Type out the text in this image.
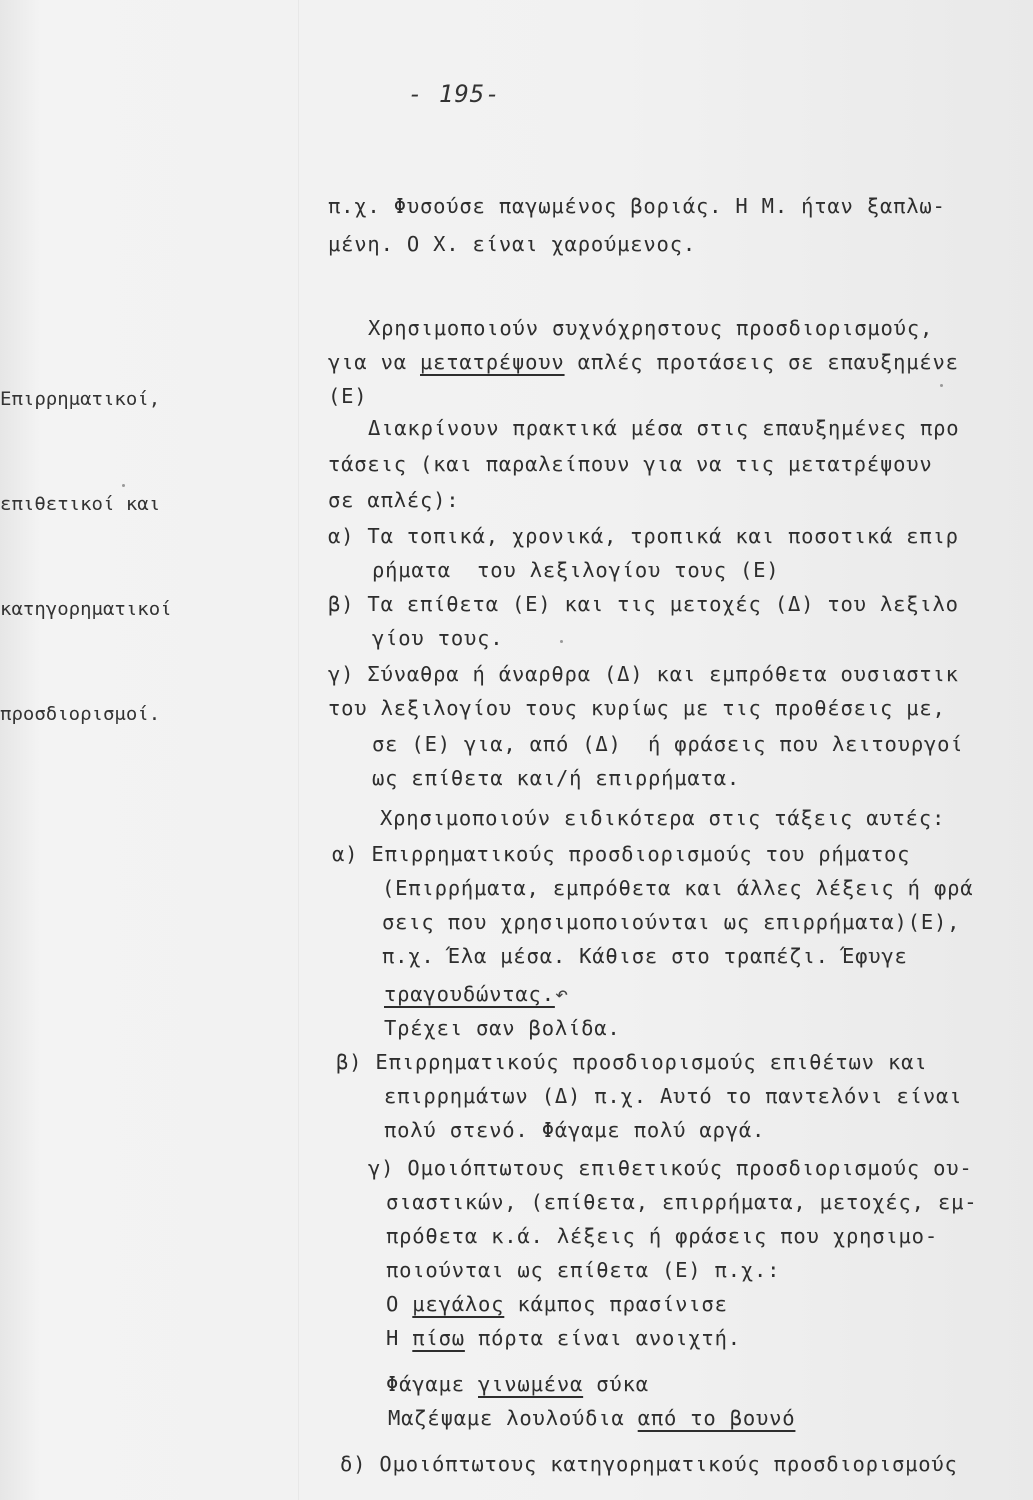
- 195-

Επιρρηματικοί,

επιθετικοί και

κατηγορηματικοί

προσδιορισμοί.

π.χ. Φυσούσε παγωμένος βοριάς. Η Μ. ήταν ξαπλω-
μένη. Ο Χ. είναι χαρούμενος.
Χρησιμοποιούν συχνόχρηστους προσδιορισμούς,
για να μετατρέψουν απλές προτάσεις σε επαυξημένε
(Ε)
Διακρίνουν πρακτικά μέσα στις επαυξημένες προ
τάσεις (και παραλείπουν για να τις μετατρέψουν
σε απλές):
α) Τα τοπικά, χρονικά, τροπικά και ποσοτικά επιρ
ρήματα  του λεξιλογίου τους (Ε)
β) Τα επίθετα (Ε) και τις μετοχές (Δ) του λεξιλο
γίου τους.
γ) Σύναθρα ή άναρθρα (Δ) και εμπρόθετα ουσιαστικ
του λεξιλογίου τους κυρίως με τις προθέσεις με,
σε (Ε) για, από (Δ)  ή φράσεις που λειτουργοί
ως επίθετα και/ή επιρρήματα.
Χρησιμοποιούν ειδικότερα στις τάξεις αυτές:
α) Επιρρηματικούς προσδιορισμούς του ρήματος
(Επιρρήματα, εμπρόθετα και άλλες λέξεις ή φρά
σεις που χρησιμοποιούνται ως επιρρήματα)(Ε),
π.χ. Έλα μέσα. Κάθισε στο τραπέζι. Έφυγε
τραγουδώντας.↶
Τρέχει σαν βολίδα.
β) Επιρρηματικούς προσδιορισμούς επιθέτων και
επιρρημάτων (Δ) π.χ. Αυτό το παντελόνι είναι
πολύ στενό. Φάγαμε πολύ αργά.
γ) Ομοιόπτωτους επιθετικούς προσδιορισμούς ου-
σιαστικών, (επίθετα, επιρρήματα, μετοχές, εμ-
πρόθετα κ.ά. λέξεις ή φράσεις που χρησιμο-
ποιούνται ως επίθετα (Ε) π.χ.:
Ο μεγάλος κάμπος πρασίνισε
Η πίσω πόρτα είναι ανοιχτή.
Φάγαμε γινωμένα σύκα
Μαζέψαμε λουλούδια από το βουνό
δ) Ομοιόπτωτους κατηγορηματικούς προσδιορισμούς
